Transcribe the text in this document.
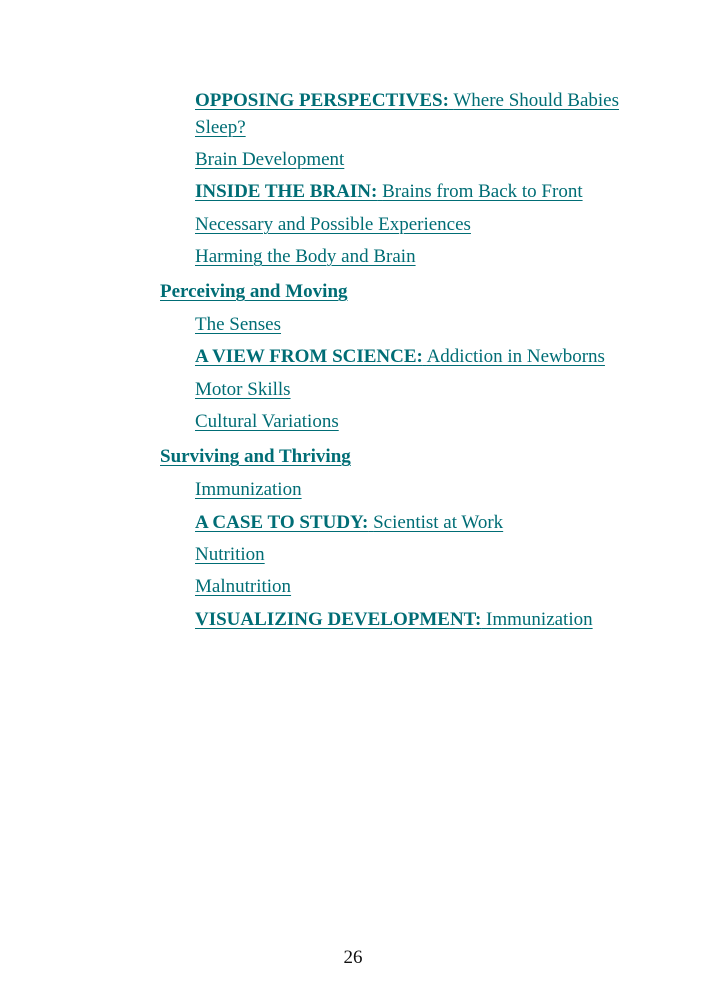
OPPOSING PERSPECTIVES: Where Should Babies
Sleep?
Brain Development
INSIDE THE BRAIN: Brains from Back to Front
Necessary and Possible Experiences
Harming the Body and Brain
Perceiving and Moving
The Senses
A VIEW FROM SCIENCE: Addiction in Newborns
Motor Skills
Cultural Variations
Surviving and Thriving
Immunization
A CASE TO STUDY: Scientist at Work
Nutrition
Malnutrition
VISUALIZING DEVELOPMENT: Immunization
26
